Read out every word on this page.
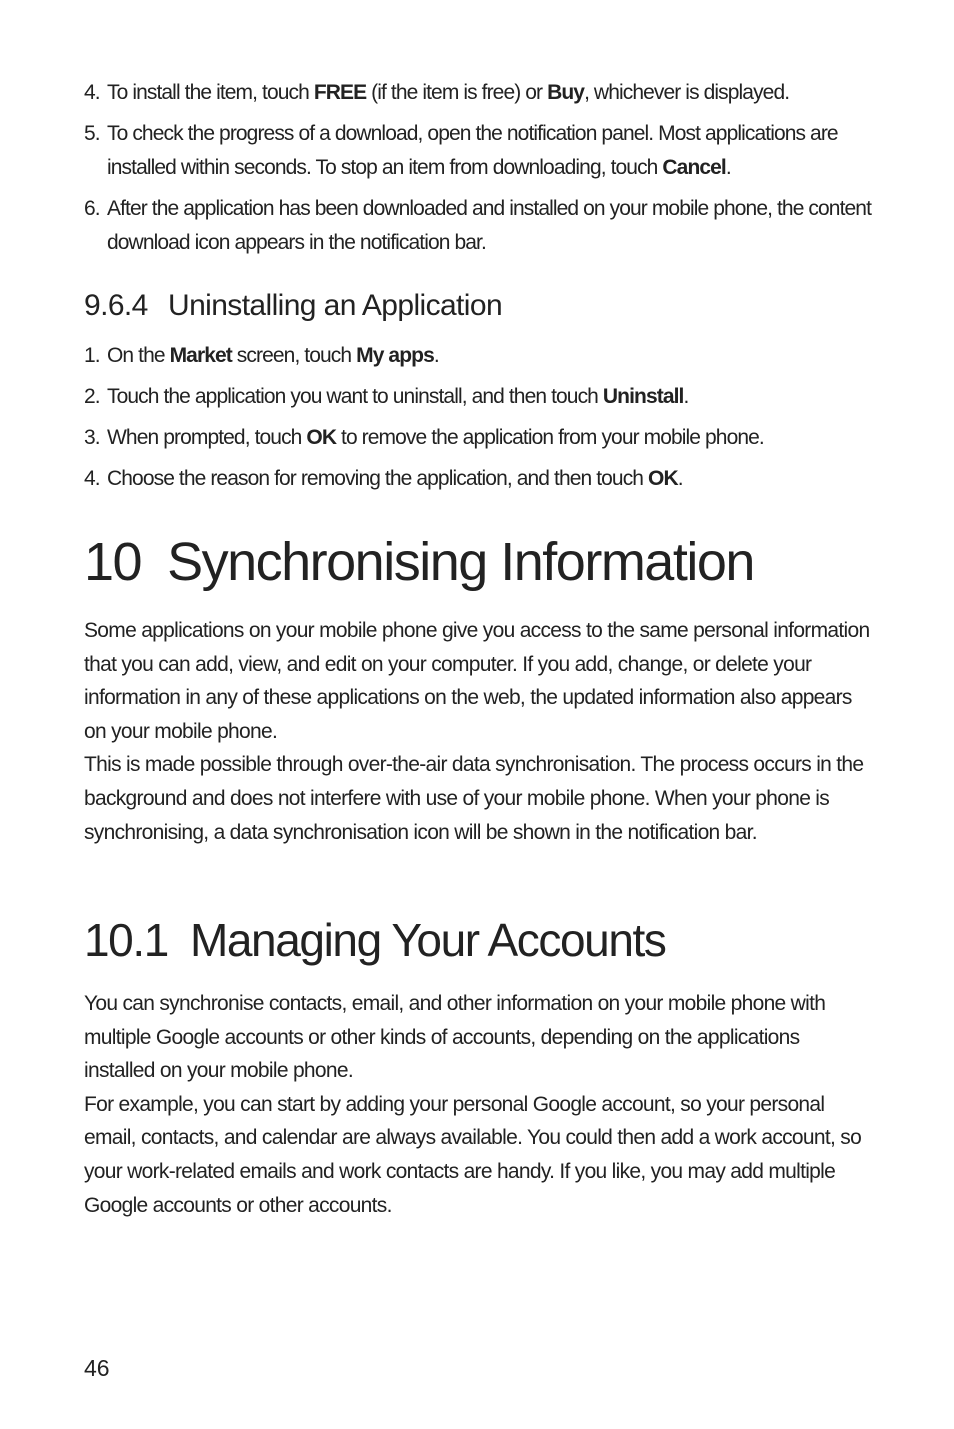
4. To install the item, touch FREE (if the item is free) or Buy, whichever is displayed.
5. To check the progress of a download, open the notification panel. Most applications are installed within seconds. To stop an item from downloading, touch Cancel.
6. After the application has been downloaded and installed on your mobile phone, the content download icon appears in the notification bar.
9.6.4 Uninstalling an Application
1. On the Market screen, touch My apps.
2. Touch the application you want to uninstall, and then touch Uninstall.
3. When prompted, touch OK to remove the application from your mobile phone.
4. Choose the reason for removing the application, and then touch OK.
10 Synchronising Information

Some applications on your mobile phone give you access to the same personal information that you can add, view, and edit on your computer. If you add, change, or delete your information in any of these applications on the web, the updated information also appears on your mobile phone.

This is made possible through over-the-air data synchronisation. The process occurs in the background and does not interfere with use of your mobile phone. When your phone is synchronising, a data synchronisation icon will be shown in the notification bar.

10.1 Managing Your Accounts

You can synchronise contacts, email, and other information on your mobile phone with multiple Google accounts or other kinds of accounts, depending on the applications installed on your mobile phone.

For example, you can start by adding your personal Google account, so your personal email, contacts, and calendar are always available. You could then add a work account, so your work-related emails and work contacts are handy. If you like, you may add multiple Google accounts or other accounts.

46
